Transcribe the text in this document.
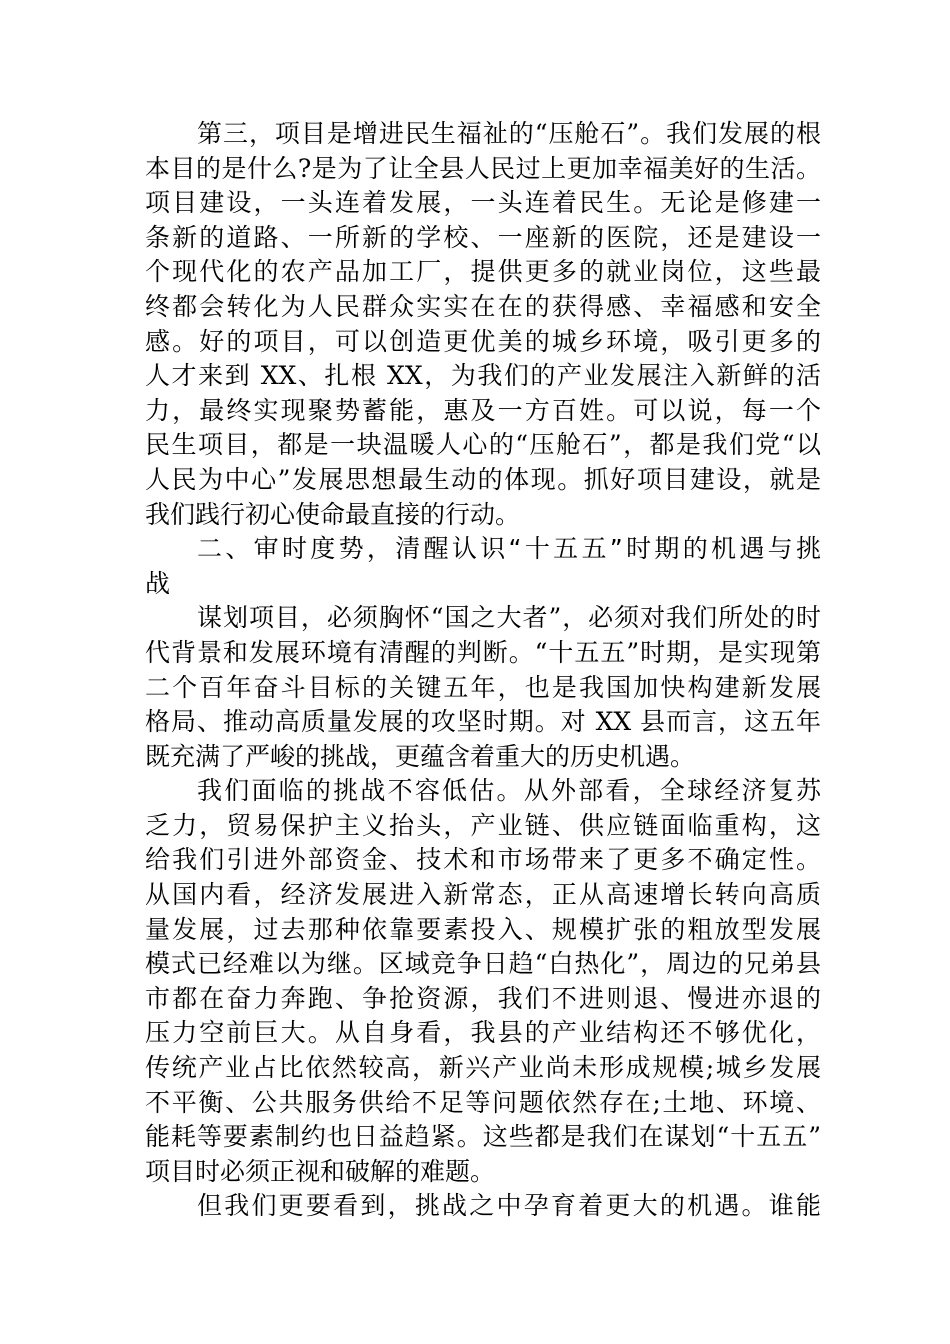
第三，项目是增进民生福祉的“压舱石”。我们发展的根
本目的是什么?是为了让全县人民过上更加幸福美好的生活。
项目建设，一头连着发展，一头连着民生。无论是修建一
条新的道路、一所新的学校、一座新的医院，还是建设一
个现代化的农产品加工厂，提供更多的就业岗位，这些最
终都会转化为人民群众实实在在的获得感、幸福感和安全
感。好的项目，可以创造更优美的城乡环境，吸引更多的
人才来到 XX、扎根 XX，为我们的产业发展注入新鲜的活
力，最终实现聚势蓄能，惠及一方百姓。可以说，每一个
民生项目，都是一块温暖人心的“压舱石”，都是我们党“以
人民为中心”发展思想最生动的体现。抓好项目建设，就是
我们践行初心使命最直接的行动。
二、审时度势，清醒认识“十五五”时期的机遇与挑
战
谋划项目，必须胸怀“国之大者”，必须对我们所处的时
代背景和发展环境有清醒的判断。“十五五”时期，是实现第
二个百年奋斗目标的关键五年，也是我国加快构建新发展
格局、推动高质量发展的攻坚时期。对 XX 县而言，这五年
既充满了严峻的挑战，更蕴含着重大的历史机遇。
我们面临的挑战不容低估。从外部看，全球经济复苏
乏力，贸易保护主义抬头，产业链、供应链面临重构，这
给我们引进外部资金、技术和市场带来了更多不确定性。
从国内看，经济发展进入新常态，正从高速增长转向高质
量发展，过去那种依靠要素投入、规模扩张的粗放型发展
模式已经难以为继。区域竞争日趋“白热化”，周边的兄弟县
市都在奋力奔跑、争抢资源，我们不进则退、慢进亦退的
压力空前巨大。从自身看，我县的产业结构还不够优化，
传统产业占比依然较高，新兴产业尚未形成规模;城乡发展
不平衡、公共服务供给不足等问题依然存在;土地、环境、
能耗等要素制约也日益趋紧。这些都是我们在谋划“十五五”
项目时必须正视和破解的难题。
但我们更要看到，挑战之中孕育着更大的机遇。谁能
